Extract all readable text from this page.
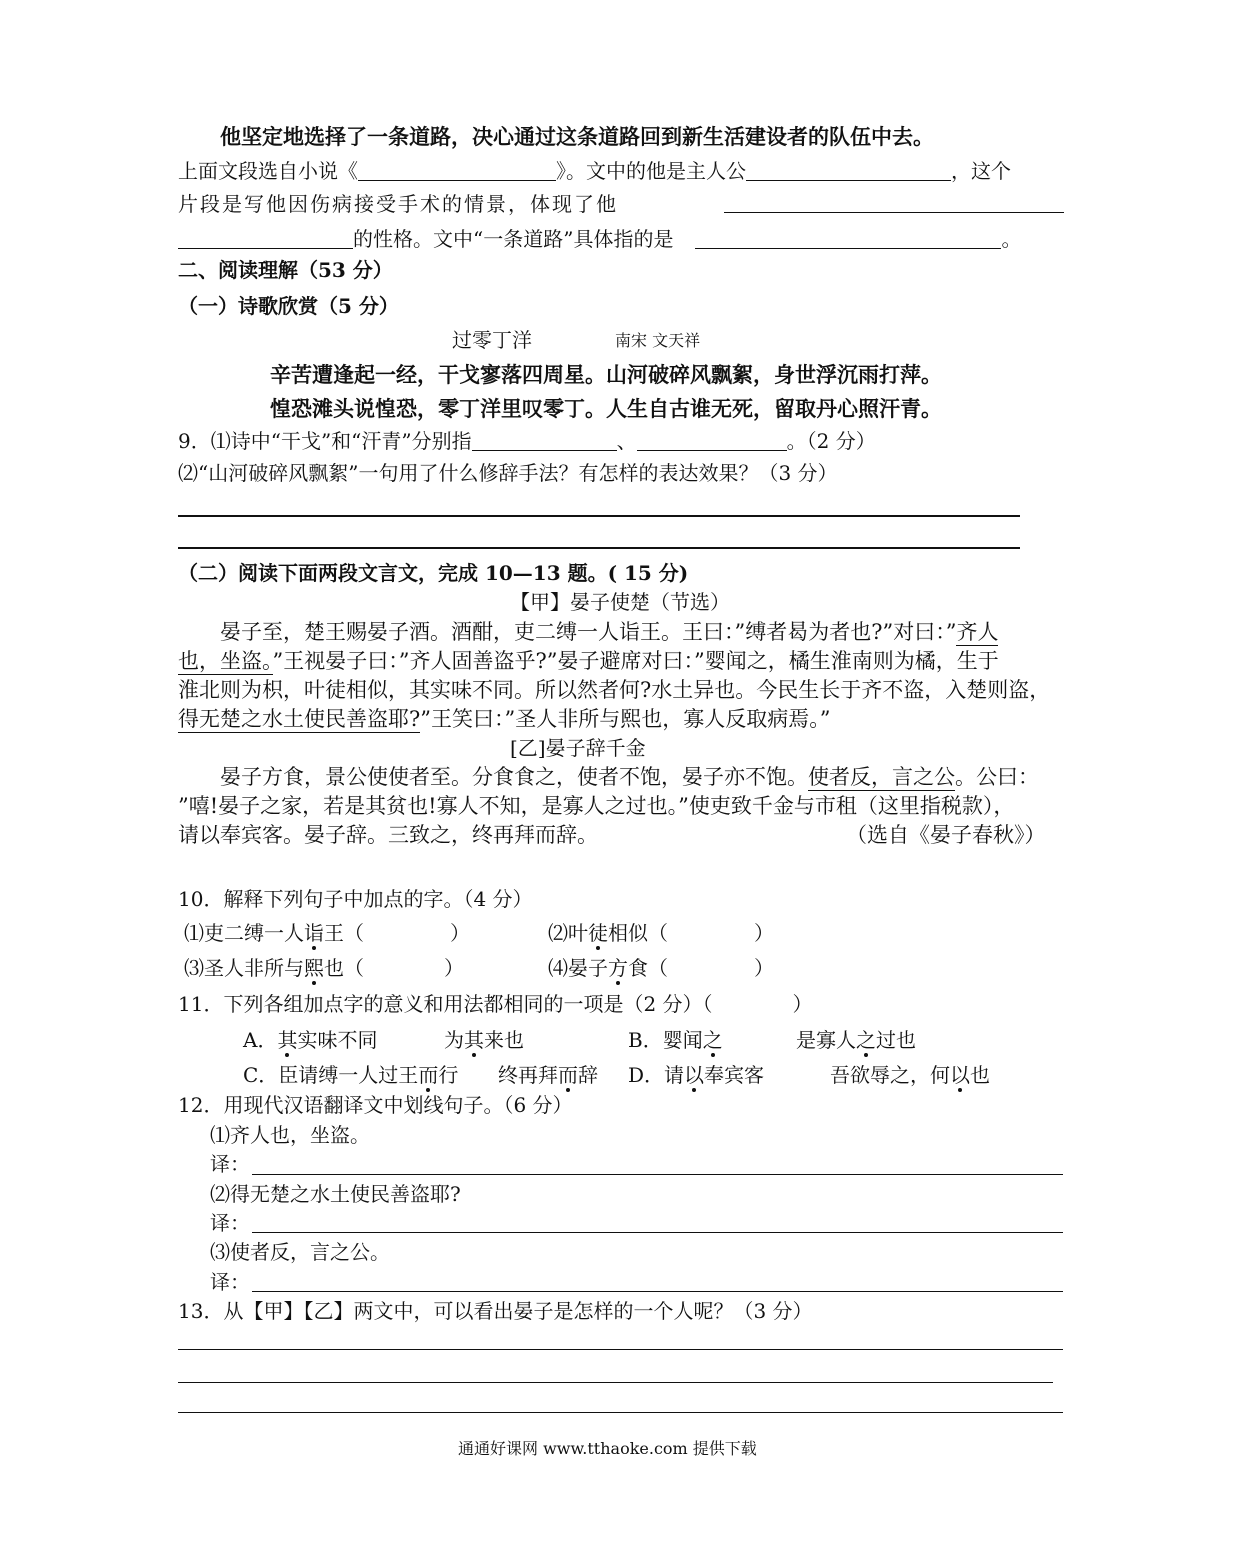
他坚定地选择了一条道路，决心通过这条道路回到新生活建设者的队伍中去。
上面文段选自小说《	》。文中的他是主人公	，这个
片段是写他因伤病接受手术的情景，体现了他
的性格。文中“一条道路”具体指的是	。
二、阅读理解（53 分）
（一）诗歌欣赏（5 分）
过零丁洋	南宋 文天祥
辛苦遭逢起一经，干戈寥落四周星。山河破碎风飘絮，身世浮沉雨打萍。
惶恐滩头说惶恐，零丁洋里叹零丁。人生自古谁无死，留取丹心照汗青。
9．⑴诗中“干戈”和“汗青”分别指	、	。（2 分）
⑵“山河破碎风飘絮”一句用了什么修辞手法？有怎样的表达效果？（3 分）
（二）阅读下面两段文言文，完成 10—13 题。( 15 分)
【甲】晏子使楚（节选）
晏子至，楚王赐晏子酒。酒酣，吏二缚一人诣王。王曰：”缚者曷为者也?”对曰：”齐人
也，坐盗。”王视晏子曰：”齐人固善盗乎?”晏子避席对曰：”婴闻之，橘生淮南则为橘，生于
淮北则为枳，叶徒相似，其实味不同。所以然者何?水土异也。今民生长于齐不盗，入楚则盗，
得无楚之水土使民善盗耶?”王笑曰：”圣人非所与熙也，寡人反取病焉。”
[乙]晏子辞千金
晏子方食，景公使使者至。分食食之，使者不饱，晏子亦不饱。使者反，言之公。公曰：
”嘻!晏子之家，若是其贫也!寡人不知，是寡人之过也。”使吏致千金与市租（这里指税款），
请以奉宾客。晏子辞。三致之，终再拜而辞。	（选自《晏子春秋》）
10．解释下列句子中加点的字。（4 分）
⑴吏二缚一人诣王（	）	⑵叶徒相似（	）
⑶圣人非所与熙也（	）	⑷晏子方食（	）
11．下列各组加点字的意义和用法都相同的一项是（2 分）（	）
A．其实味不同	为其来也	B．婴闻之	是寡人之过也
C．臣请缚一人过王而行 终再拜而辞 D．请以奉宾客	吾欲辱之，何以也
12．用现代汉语翻译文中划线句子。（6 分）
⑴齐人也，坐盗。
译：
⑵得无楚之水土使民善盗耶?
译：
⑶使者反，言之公。
译：
13．从【甲】【乙】两文中，可以看出晏子是怎样的一个人呢？（3 分）
通通好课网 www.tthaoke.com 提供下载
